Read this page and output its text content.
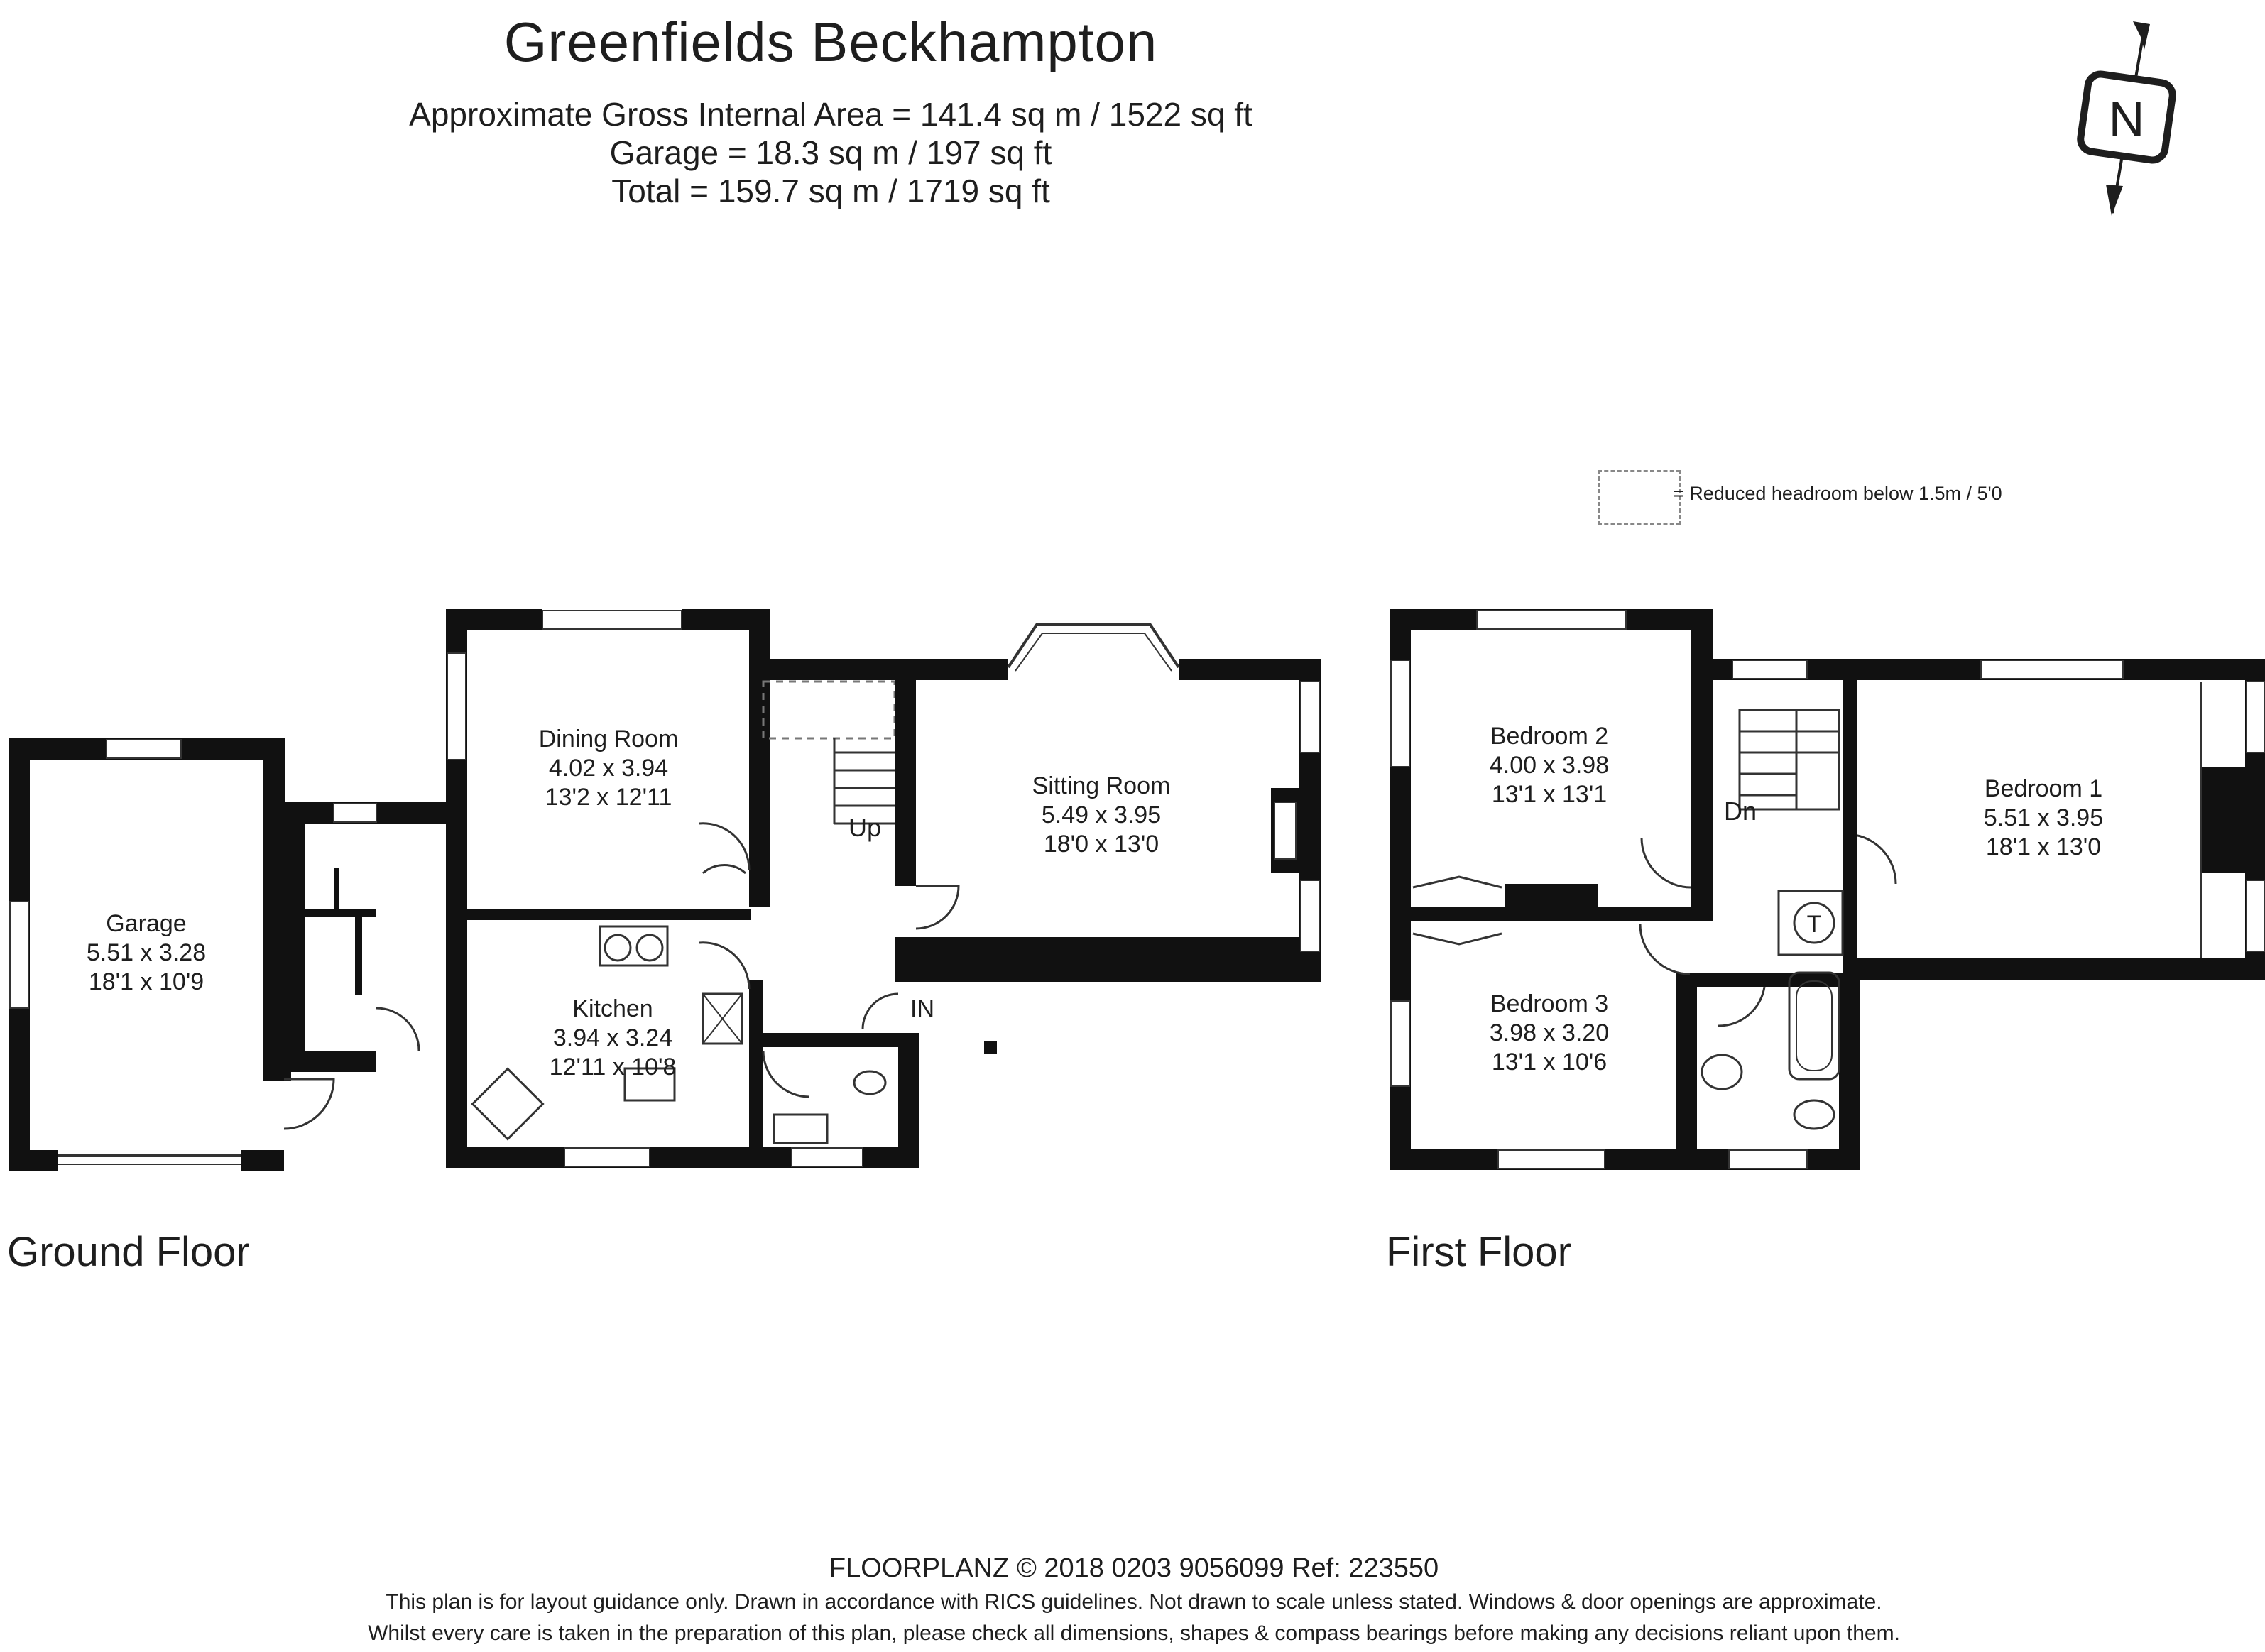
Greenfields Beckhampton
Approximate Gross Internal Area = 141.4 sq m / 1522 sq ft
Garage = 18.3 sq m / 197 sq ft
Total = 159.7 sq m / 1719 sq ft
= Reduced headroom below 1.5m / 5'0
Ground Floor	First Floor
FLOORPLANZ © 2018 0203 9056099 Ref: 223550
This plan is for layout guidance only. Drawn in accordance with RICS guidelines. Not drawn to scale unless stated. Windows & door openings are approximate.
Whilst every care is taken in the preparation of this plan, please check all dimensions, shapes & compass bearings before making any decisions reliant upon them.
N
Up
IN
Garage
5.51 x 3.28
18'1 x 10'9
Dining Room
4.02 x 3.94
13'2 x 12'11
Kitchen
3.94 x 3.24
12'11 x 10'8
Sitting Room
5.49 x 3.95
18'0 x 13'0
Dn
T
Bedroom 2
4.00 x 3.98
13'1 x 13'1
Bedroom 3
3.98 x 3.20
13'1 x 10'6
Bedroom 1
5.51 x 3.95
18'1 x 13'0
